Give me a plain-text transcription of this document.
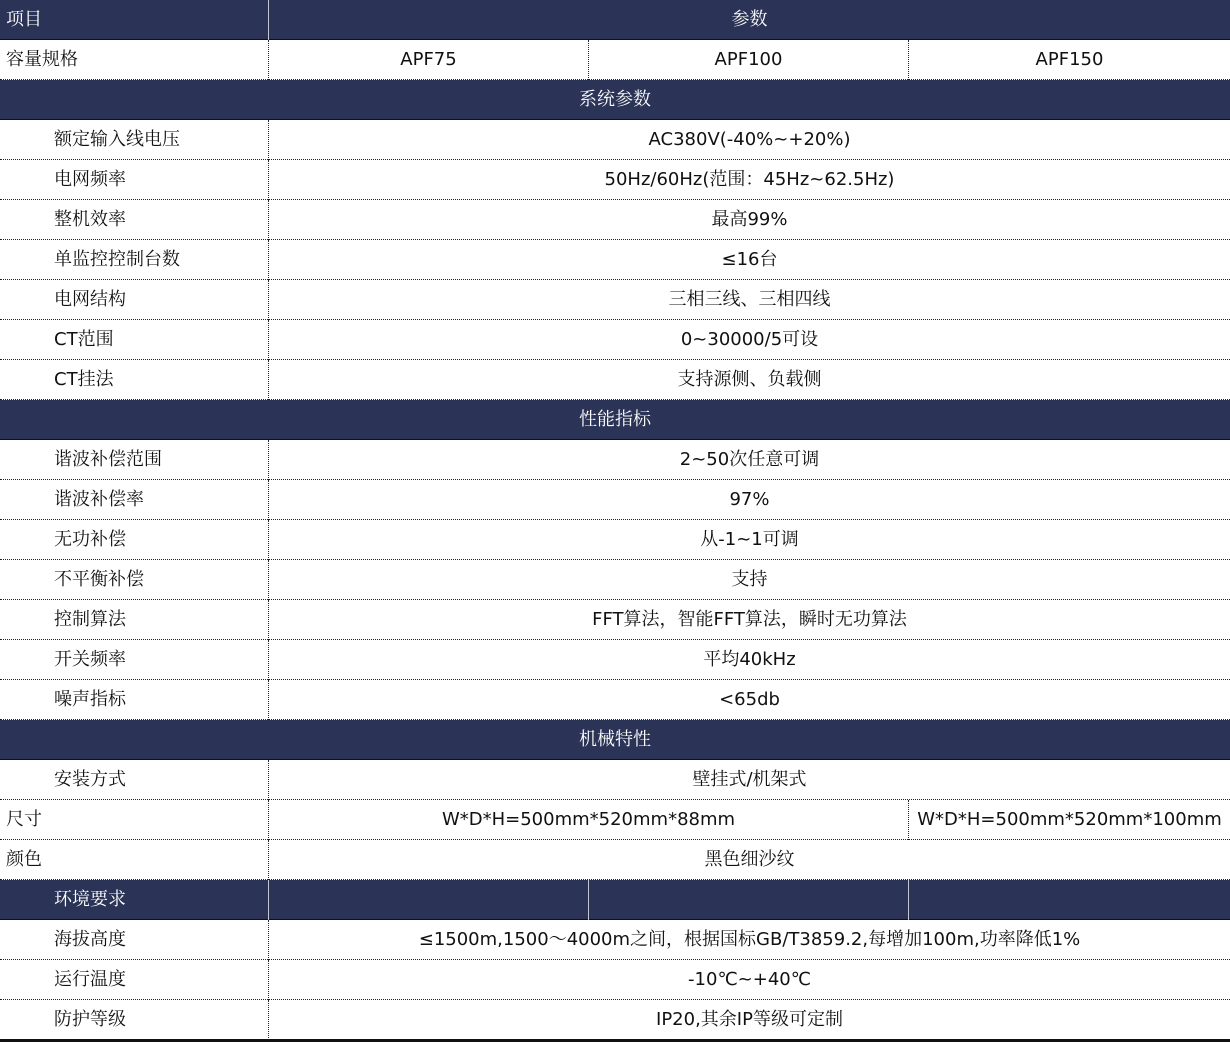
项目	参数
容量规格	APF75	APF100	APF150
系统参数
额定输入线电压	AC380V(-40%~+20%)
电网频率	50Hz/60Hz(范围：45Hz~62.5Hz)
整机效率	最高99%
单监控控制台数	≤16台
电网结构	三相三线、三相四线
CT范围	0~30000/5可设
CT挂法	支持源侧、负载侧
性能指标
谐波补偿范围	2~50次任意可调
谐波补偿率	97%
无功补偿	从-1~1可调
不平衡补偿	支持
控制算法	FFT算法，智能FFT算法，瞬时无功算法
开关频率	平均40kHz
噪声指标	<65db
机械特性
安装方式	壁挂式/机架式
尺寸	W*D*H=500mm*520mm*88mm	W*D*H=500mm*520mm*100mm
颜色	黑色细沙纹
环境要求
海拔高度	≤1500m,1500～4000m之间，根据国标GB/T3859.2,每增加100m,功率降低1%
运行温度	-10℃~+40℃
防护等级	IP20,其余IP等级可定制
